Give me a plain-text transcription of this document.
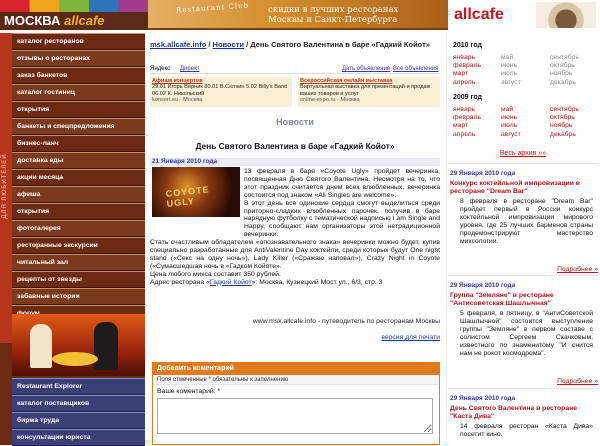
МОСКВА allcafe
Restaurant Club скидки в лучших ресторанах
Москвы и Санкт-Петербурга	allcafe
ДЛЯ ЛЮБИТЕЛЕЙ
каталог ресторанов
отзывы о ресторанах
заказ банкетов
каталог гостиниц
открытия
банкеты и спецпредложения
бизнес-ланч
доставка еды
акции месяца
афиша
открытия
фотогалерея
ресторанные экскурсии
читальный зал
рецепты от звезды
забавные истории
Restaurant Explorer
каталог поставщиков
биржа труда
консультации юриста
msk.allcafe.info / Новости / День Святого Валентина в баре «Гадкий Койот»
Яндекс Директ	Дать объявление Все объявления
Афиша концертов
29.01 Игорь Верник 30.01 В.Сюткин 5.02 Billy's Band 06.02 К. Никольский
konsert.eu · Москва
Всероссийская онлайн выставка
Виртуальная выставка для презентаций и продаж ваших товаров и услуг
online-expo.ru · Москва
Новости
День Святого Валентина в баре «Гадкий Койот»
21 Января 2010 года

13 февраля в баре «Coyote Ugly» пройдет вечеринка, посвященная Дню Святого Валентина. Несмотря на то, что этот праздник считается днем всех влюбленных, вечеринка состоится под знаком «All Singles are welcome».

В этот день все одинокие сердца смогут выделиться среди приторно-сладких влюбленных парочек, получив в баре нарядную футболку с тематической надписью I am Single and Happy, сообщают нам организаторы этой нетрадиционной вечеринки.

Стать счастливым обладателем «опознавательного знака» вечеринки можно будет, купив специально разработанные для AntiValentine Day коктейли, среди которых будут One night stand («Секс на одну ночь»), Lady Killer («Сражаю наповал»), Crazy Night in Coyote («Сумасшедшая ночь в «Гадком Койоте».

Цена любого микса составит 350 рублей.

Адрес ресторана «Гадкий Койот»: Москва, Кузнецкий Мост ул., 6/3, стр. 3

COYOTE UGLY
www.msk.allcafe.info - путеводитель по ресторанам Москвы
версия для печати
Добавить коментарий
Поля отмеченные * обязательны к заполнению
Ваше коментарий: *
2010 год
январь	май	сентябрь
февраль	июнь	октябрь
март	июль	ноябрь
апрель	август	декабрь
2009 год
январь	май	сентябрь
февраль	июнь	октябрь
март	июль	ноябрь
апрель	август	декабрь
Весь архив »»
29 Января 2010 года
Конкурс коктейльной импровизации в ресторане "Dream Bar"
8 февраля в ресторане "Dream Bar" пройдет первый в России конкурс коктейльной импровизации мирового уровня, где 25 лучших барменов страны продемонстрируют мастерство миксологии.
Подробнее »
29 Января 2010 года
Группа "Земляне" в ресторане "Антисоветская Шашлычная"
5 февраля, в пятницу, в "АнтиСоветской Шашлычной" состоится выступление группы "Земляне" в первом составе с солистом Сергеем Скачковым, известного по знаменитому "И снится нам не рокот космодрома".
Подробнее »
29 Января 2010 года
День Святого Валентина в ресторане "Каста Дива"
14 февраля ресторан «Каста Дива» посетит кино.
